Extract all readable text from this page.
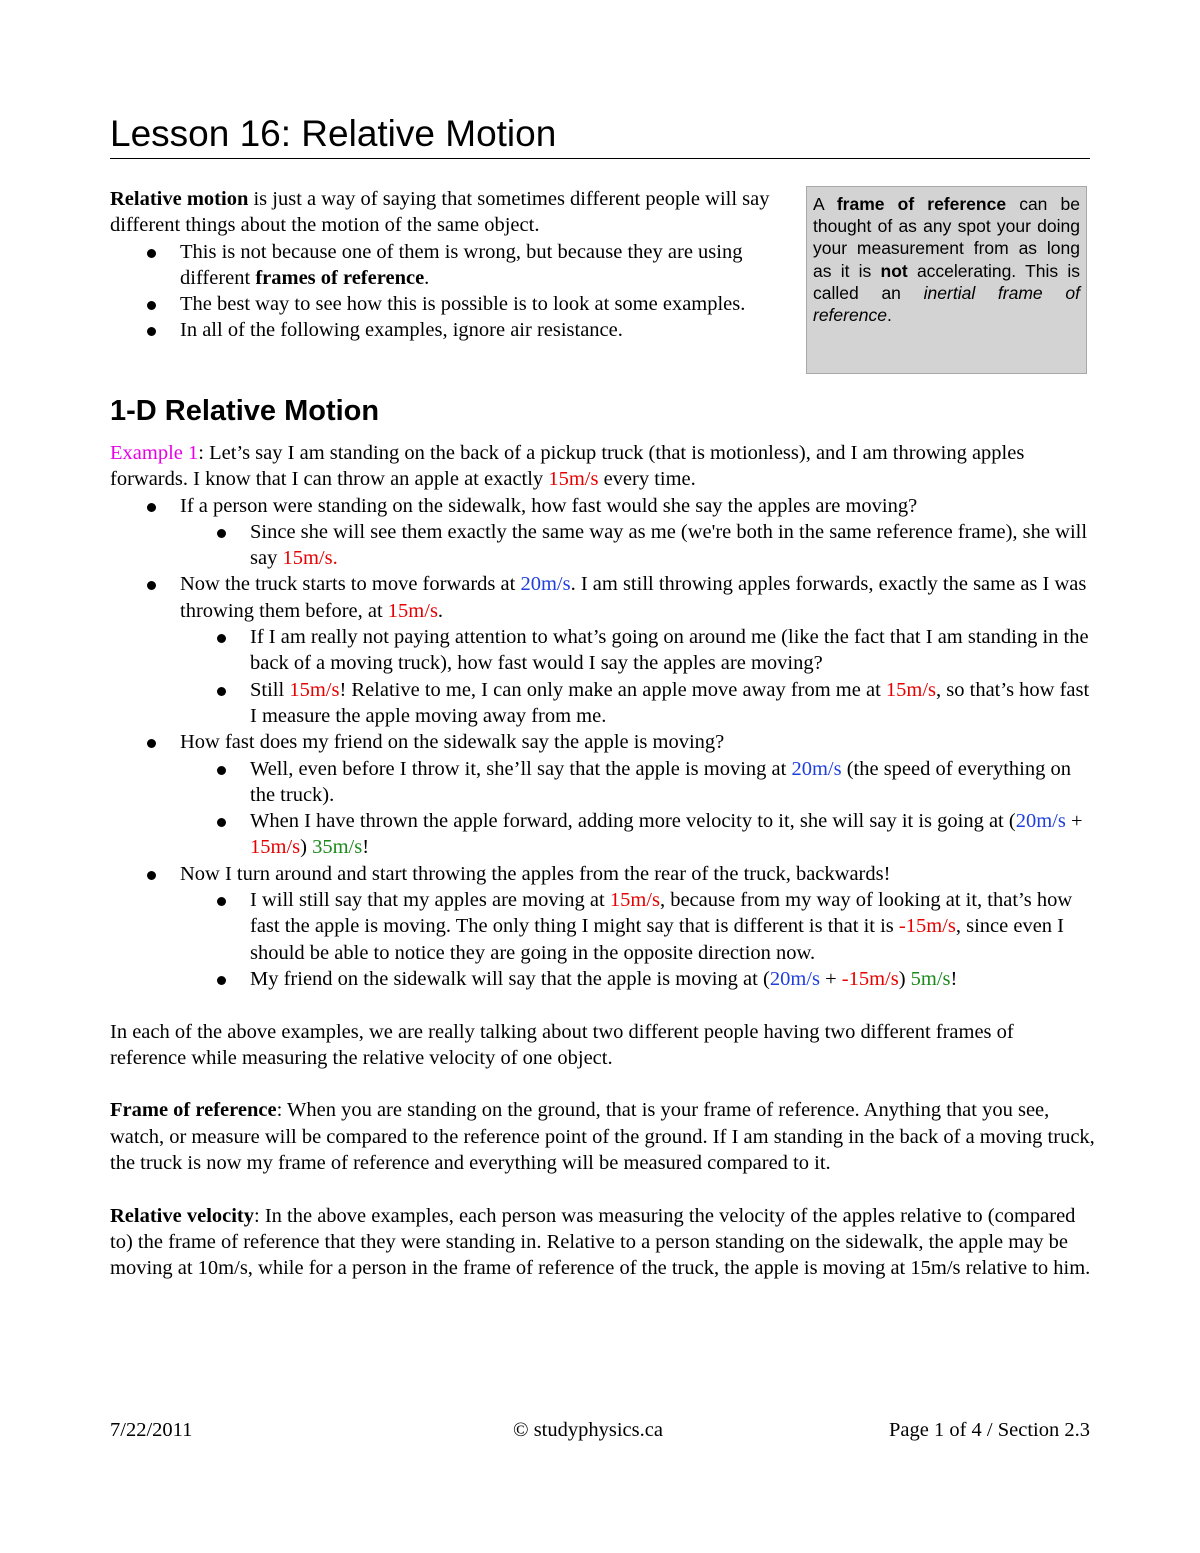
Lesson 16: Relative Motion

Relative motion is just a way of saying that sometimes different people will say different things about the motion of the same object.

This is not because one of them is wrong, but because they are using different frames of reference.
The best way to see how this is possible is to look at some examples.
In all of the following examples, ignore air resistance.

A frame of reference can be thought of as any spot your doing your measurement from as long as it is not accelerating. This is called an inertial frame of reference.

1-D Relative Motion

Example 1: Let’s say I am standing on the back of a pickup truck (that is motionless), and I am throwing apples forwards. I know that I can throw an apple at exactly 15m/s every time.

If a person were standing on the sidewalk, how fast would she say the apples are moving?
Since she will see them exactly the same way as me (we're both in the same reference frame), she will say 15m/s.
Now the truck starts to move forwards at 20m/s. I am still throwing apples forwards, exactly the same as I was throwing them before, at 15m/s.
If I am really not paying attention to what’s going on around me (like the fact that I am standing in the back of a moving truck), how fast would I say the apples are moving?
Still 15m/s! Relative to me, I can only make an apple move away from me at 15m/s, so that’s how fast I measure the apple moving away from me.
How fast does my friend on the sidewalk say the apple is moving?
Well, even before I throw it, she’ll say that the apple is moving at 20m/s (the speed of everything on the truck).
When I have thrown the apple forward, adding more velocity to it, she will say it is going at (20m/s + 15m/s) 35m/s!
Now I turn around and start throwing the apples from the rear of the truck, backwards!
I will still say that my apples are moving at 15m/s, because from my way of looking at it, that’s how fast the apple is moving. The only thing I might say that is different is that it is -15m/s, since even I should be able to notice they are going in the opposite direction now.
My friend on the sidewalk will say that the apple is moving at (20m/s + -15m/s) 5m/s!

In each of the above examples, we are really talking about two different people having two different frames of reference while measuring the relative velocity of one object.

Frame of reference: When you are standing on the ground, that is your frame of reference. Anything that you see, watch, or measure will be compared to the reference point of the ground. If I am standing in the back of a moving truck, the truck is now my frame of reference and everything will be measured compared to it.

Relative velocity: In the above examples, each person was measuring the velocity of the apples relative to (compared to) the frame of reference that they were standing in. Relative to a person standing on the sidewalk, the apple may be moving at 10m/s, while for a person in the frame of reference of the truck, the apple is moving at 15m/s relative to him.

7/22/2011	© studyphysics.ca	Page 1 of 4 / Section 2.3
